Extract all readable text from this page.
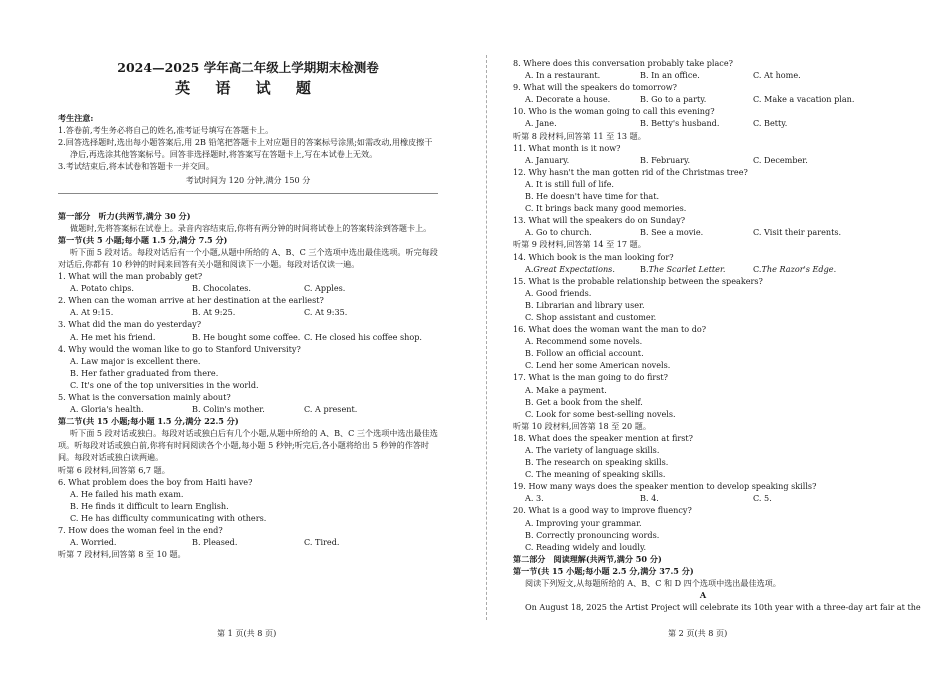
2024—2025 学年高二年级上学期期末检测卷
英 语 试 题
考生注意:
1.答卷前,考生务必将自己的姓名,准考证号填写在答题卡上。
2.回答选择题时,选出每小题答案后,用 2B 铅笔把答题卡上对应题目的答案标号涂黑;如需改动,用橡皮擦干净后,再选涂其他答案标号。回答非选择题时,将答案写在答题卡上,写在本试卷上无效。
3.考试结束后,将本试卷和答题卡一并交回。
考试时间为 120 分钟,满分 150 分
第一部分　听力(共两节,满分 30 分)
做题时,先将答案标在试卷上。录音内容结束后,你将有两分钟的时间将试卷上的答案转涂到答题卡上。
第一节(共 5 小题;每小题 1.5 分,满分 7.5 分)
听下面 5 段对话。每段对话后有一个小题,从题中所给的 A、B、C 三个选项中选出最佳选项。听完每段对话后,你都有 10 秒钟的时间来回答有关小题和阅读下一小题。每段对话仅读一遍。
1. What will the man probably get?
A. Potato chips.	B. Chocolates.	C. Apples.
2. When can the woman arrive at her destination at the earliest?
A. At 9:15.	B. At 9:25.	C. At 9:35.
3. What did the man do yesterday?
A. He met his friend.	B. He bought some coffee. C. He closed his coffee shop.
4. Why would the woman like to go to Stanford University?
A. Law major is excellent there.
B. Her father graduated from there.
C. It's one of the top universities in the world.
5. What is the conversation mainly about?
A. Gloria's health.	B. Colin's mother.	C. A present.
第二节(共 15 小题;每小题 1.5 分,满分 22.5 分)
听下面 5 段对话或独白。每段对话或独白后有几个小题,从题中所给的 A、B、C 三个选项中选出最佳选项。听每段对话或独白前,你将有时间阅读各个小题,每小题 5 秒钟;听完后,各小题将给出 5 秒钟的作答时间。每段对话或独白读两遍。
听第 6 段材料,回答第 6,7 题。
6. What problem does the boy from Haiti have?
A. He failed his math exam.
B. He finds it difficult to learn English.
C. He has difficulty communicating with others.
7. How does the woman feel in the end?
A. Worried.	B. Pleased.	C. Tired.
听第 7 段材料,回答第 8 至 10 题。
8. Where does this conversation probably take place?
A. In a restaurant.	B. In an office.	C. At home.
9. What will the speakers do tomorrow?
A. Decorate a house.	B. Go to a party.	C. Make a vacation plan.
10. Who is the woman going to call this evening?
A. Jane.	B. Betty's husband.	C. Betty.
听第 8 段材料,回答第 11 至 13 题。
11. What month is it now?
A. January.	B. February.	C. December.
12. Why hasn't the man gotten rid of the Christmas tree?
A. It is still full of life.
B. He doesn't have time for that.
C. It brings back many good memories.
13. What will the speakers do on Sunday?
A. Go to church.	B. See a movie.	C. Visit their parents.
听第 9 段材料,回答第 14 至 17 题。
14. Which book is the man looking for?
A.Great Expectations.	B.The Scarlet Letter.	C.The Razor's Edge.
15. What is the probable relationship between the speakers?
A. Good friends.
B. Librarian and library user.
C. Shop assistant and customer.
16. What does the woman want the man to do?
A. Recommend some novels.
B. Follow an official account.
C. Lend her some American novels.
17. What is the man going to do first?
A. Make a payment.
B. Get a book from the shelf.
C. Look for some best-selling novels.
听第 10 段材料,回答第 18 至 20 题。
18. What does the speaker mention at first?
A. The variety of language skills.
B. The research on speaking skills.
C. The meaning of speaking skills.
19. How many ways does the speaker mention to develop speaking skills?
A. 3.	B. 4.	C. 5.
20. What is a good way to improve fluency?
A. Improving your grammar.
B. Correctly pronouncing words.
C. Reading widely and loudly.
第二部分　阅读理解(共两节,满分 50 分)
第一节(共 15 小题;每小题 2.5 分,满分 37.5 分)
阅读下列短文,从每题所给的 A、B、C 和 D 四个选项中选出最佳选项。
A
On August 18, 2025 the Artist Project will celebrate its 10th year with a three-day art fair at the
第 1 页(共 8 页)	第 2 页(共 8 页)
